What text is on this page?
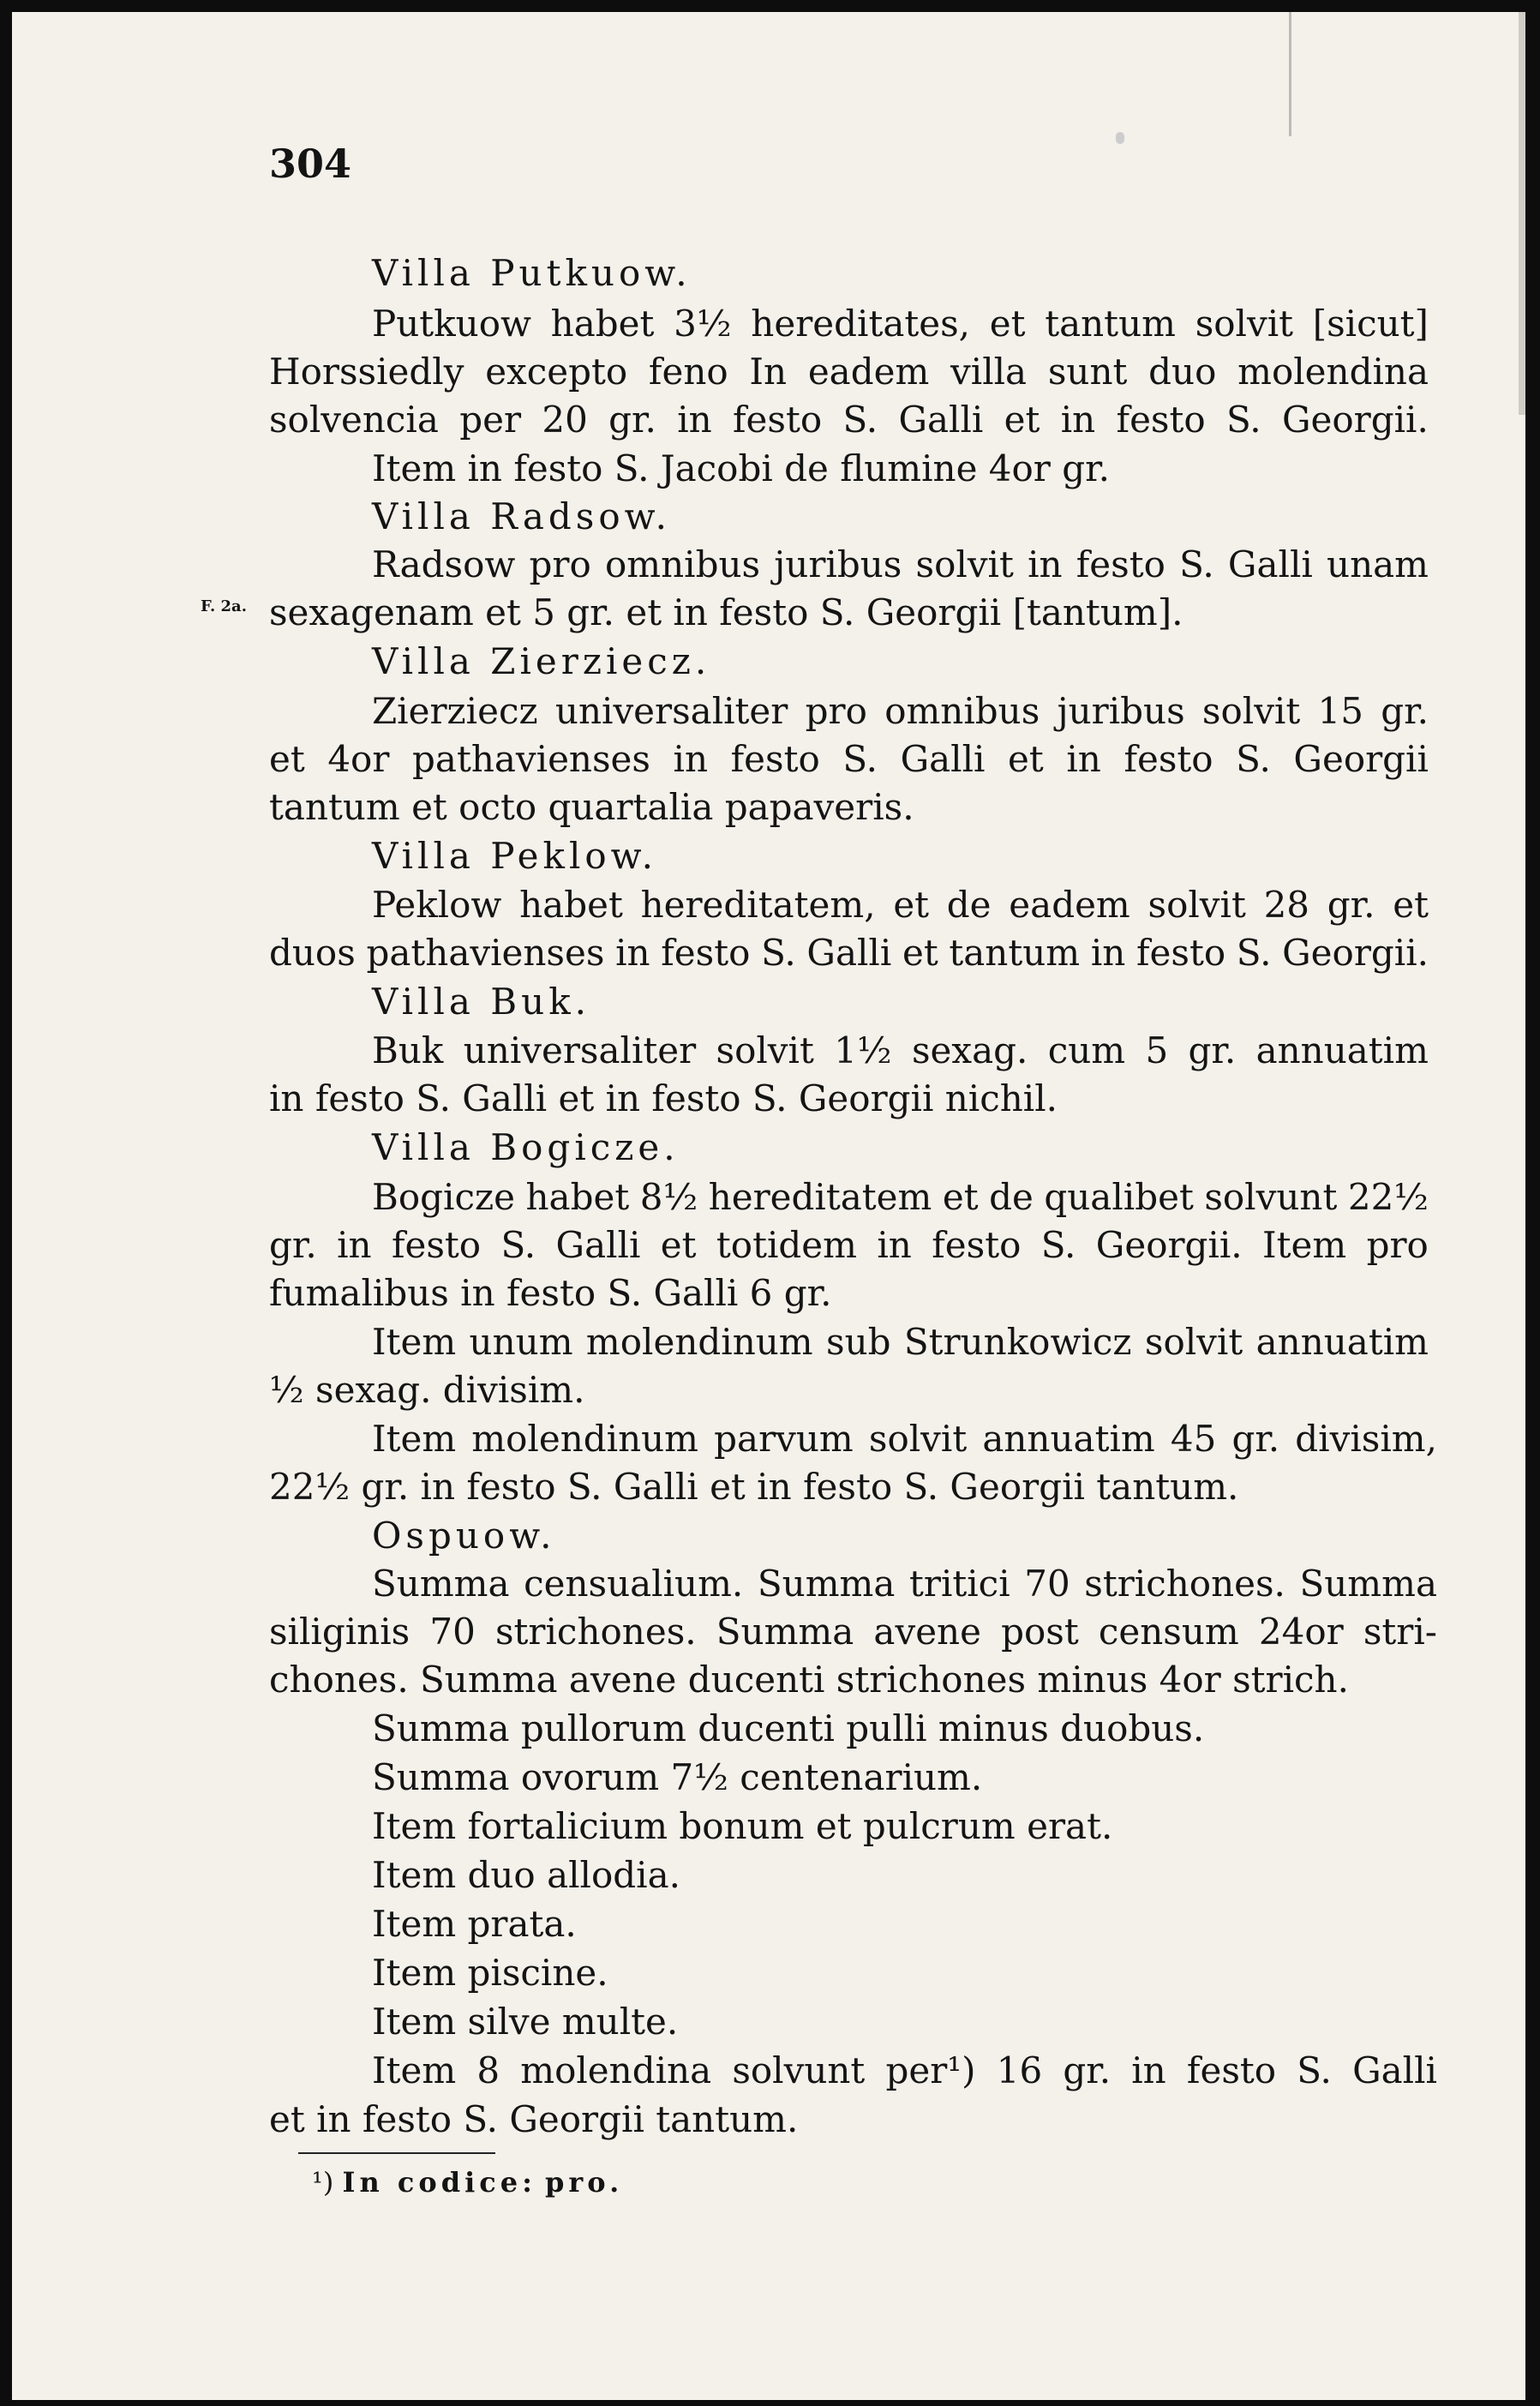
304
F. 2a.
¹) In codice: pro.
Villa Putkuow.
Putkuow habet 3½ hereditates, et tantum solvit [sicut]
Horssiedly excepto feno In eadem villa sunt duo molendina
solvencia per 20 gr. in festo S. Galli et in festo S. Georgii.
Item in festo S. Jacobi de flumine 4or gr.
Villa Radsow.
Radsow pro omnibus juribus solvit in festo S. Galli unam
sexagenam et 5 gr. et in festo S. Georgii [tantum].
Villa Zierziecz.
Zierziecz universaliter pro omnibus juribus solvit 15 gr.
et 4or pathavienses in festo S. Galli et in festo S. Georgii
tantum et octo quartalia papaveris.
Villa Peklow.
Peklow habet hereditatem, et de eadem solvit 28 gr. et
duos pathavienses in festo S. Galli et tantum in festo S. Georgii.
Villa Buk.
Buk universaliter solvit 1½ sexag. cum 5 gr. annuatim
in festo S. Galli et in festo S. Georgii nichil.
Villa Bogicze.
Bogicze habet 8½ hereditatem et de qualibet solvunt 22½
gr. in festo S. Galli et totidem in festo S. Georgii. Item pro
fumalibus in festo S. Galli 6 gr.
Item unum molendinum sub Strunkowicz solvit annuatim
½ sexag. divisim.
Item molendinum parvum solvit annuatim 45 gr. divisim,
22½ gr. in festo S. Galli et in festo S. Georgii tantum.
Ospuow.
Summa censualium. Summa tritici 70 strichones. Summa
siliginis 70 strichones. Summa avene post censum 24or stri-
chones. Summa avene ducenti strichones minus 4or strich.
Summa pullorum ducenti pulli minus duobus.
Summa ovorum 7½ centenarium.
Item fortalicium bonum et pulcrum erat.
Item duo allodia.
Item prata.
Item piscine.
Item silve multe.
Item 8 molendina solvunt per¹) 16 gr. in festo S. Galli
et in festo S. Georgii tantum.
